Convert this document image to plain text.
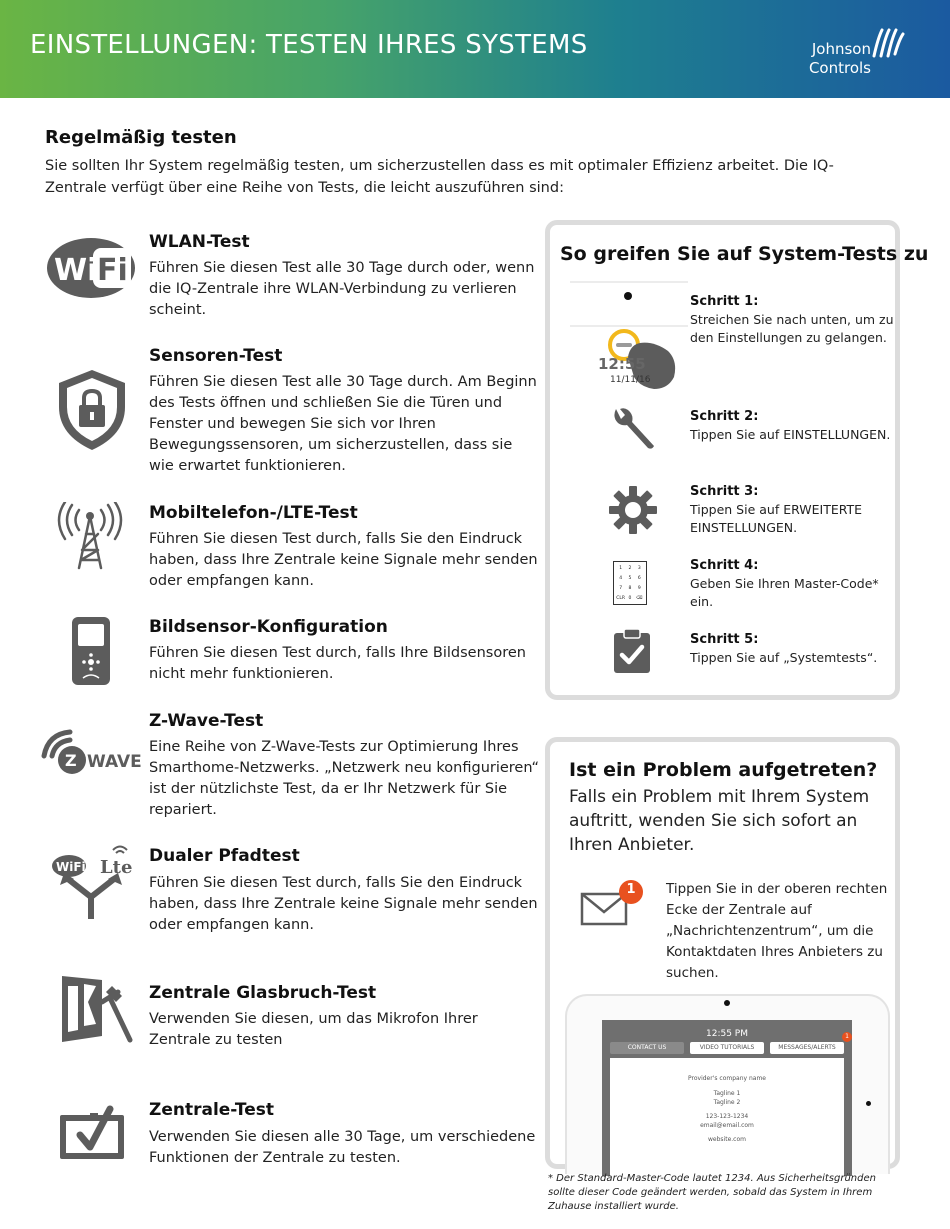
EINSTELLUNGEN: TESTEN IHRES SYSTEMS	Johnson
Controls
Regelmäßig testen
Sie sollten Ihr System regelmäßig testen, um sicherzustellen dass es mit optimaler Effizienz arbeitet. Die IQ-Zentrale verfügt über eine Reihe von Tests, die leicht auszuführen sind:
Wi Fi
WLAN-Test
Führen Sie diesen Test alle 30 Tage durch oder, wenn die IQ-Zentrale ihre WLAN-Verbindung zu verlieren scheint.
Sensoren-Test
Führen Sie diesen Test alle 30 Tage durch. Am Beginn des Tests öffnen und schließen Sie die Türen und Fenster und bewegen Sie sich vor Ihren Bewegungssensoren, um sicherzustellen, dass sie wie erwartet funktionieren.
Mobiltelefon-/LTE-Test
Führen Sie diesen Test durch, falls Sie den Eindruck haben, dass Ihre Zentrale keine Signale mehr senden oder empfangen kann.
Bildsensor-Konfiguration
Führen Sie diesen Test durch, falls Ihre Bildsensoren nicht mehr funktionieren.
Z WAVE
Z-Wave-Test
Eine Reihe von Z-Wave-Tests zur Optimierung Ihres Smarthome-Netzwerks. „Netzwerk neu konfigurieren“ ist der nützlichste Test, da er Ihr Netzwerk für Sie repariert.
WiFi Lte
Dualer Pfadtest
Führen Sie diesen Test durch, falls Sie den Eindruck haben, dass Ihre Zentrale keine Signale mehr senden oder empfangen kann.
Zentrale Glasbruch-Test
Verwenden Sie diesen, um das Mikrofon Ihrer Zentrale zu testen
Zentrale-Test
Verwenden Sie diesen alle 30 Tage, um verschiedene Funktionen der Zentrale zu testen.
So greifen Sie auf System-Tests zu
12:55
11/11/16
Schritt 1:
Streichen Sie nach unten, um zu den Einstellungen zu gelangen.
Schritt 2:
Tippen Sie auf EINSTELLUNGEN.
Schritt 3:
Tippen Sie auf ERWEITERTE EINSTELLUNGEN.
1	2	3
4	5	6
7	8	9
CLR 0	⌫
Schritt 4:
Geben Sie Ihren Master-Code* ein.
Schritt 5:
Tippen Sie auf „Systemtests“.
Ist ein Problem aufgetreten?
Falls ein Problem mit Ihrem System auftritt, wenden Sie sich sofort an Ihren Anbieter.
1 Tippen Sie in der oberen rechten Ecke der Zentrale auf „Nachrichtenzentrum“, um die Kontaktdaten Ihres Anbieters zu suchen.
12:55 PM	1
CONTACT US	VIDEO TUTORIALS	MESSAGES/ALERTS
Provider's company name
Tagline 1
Tagline 2
123-123-1234
email@email.com
website.com
* Der Standard-Master-Code lautet 1234. Aus Sicherheitsgründen sollte dieser Code geändert werden, sobald das System in Ihrem Zuhause installiert wurde.
